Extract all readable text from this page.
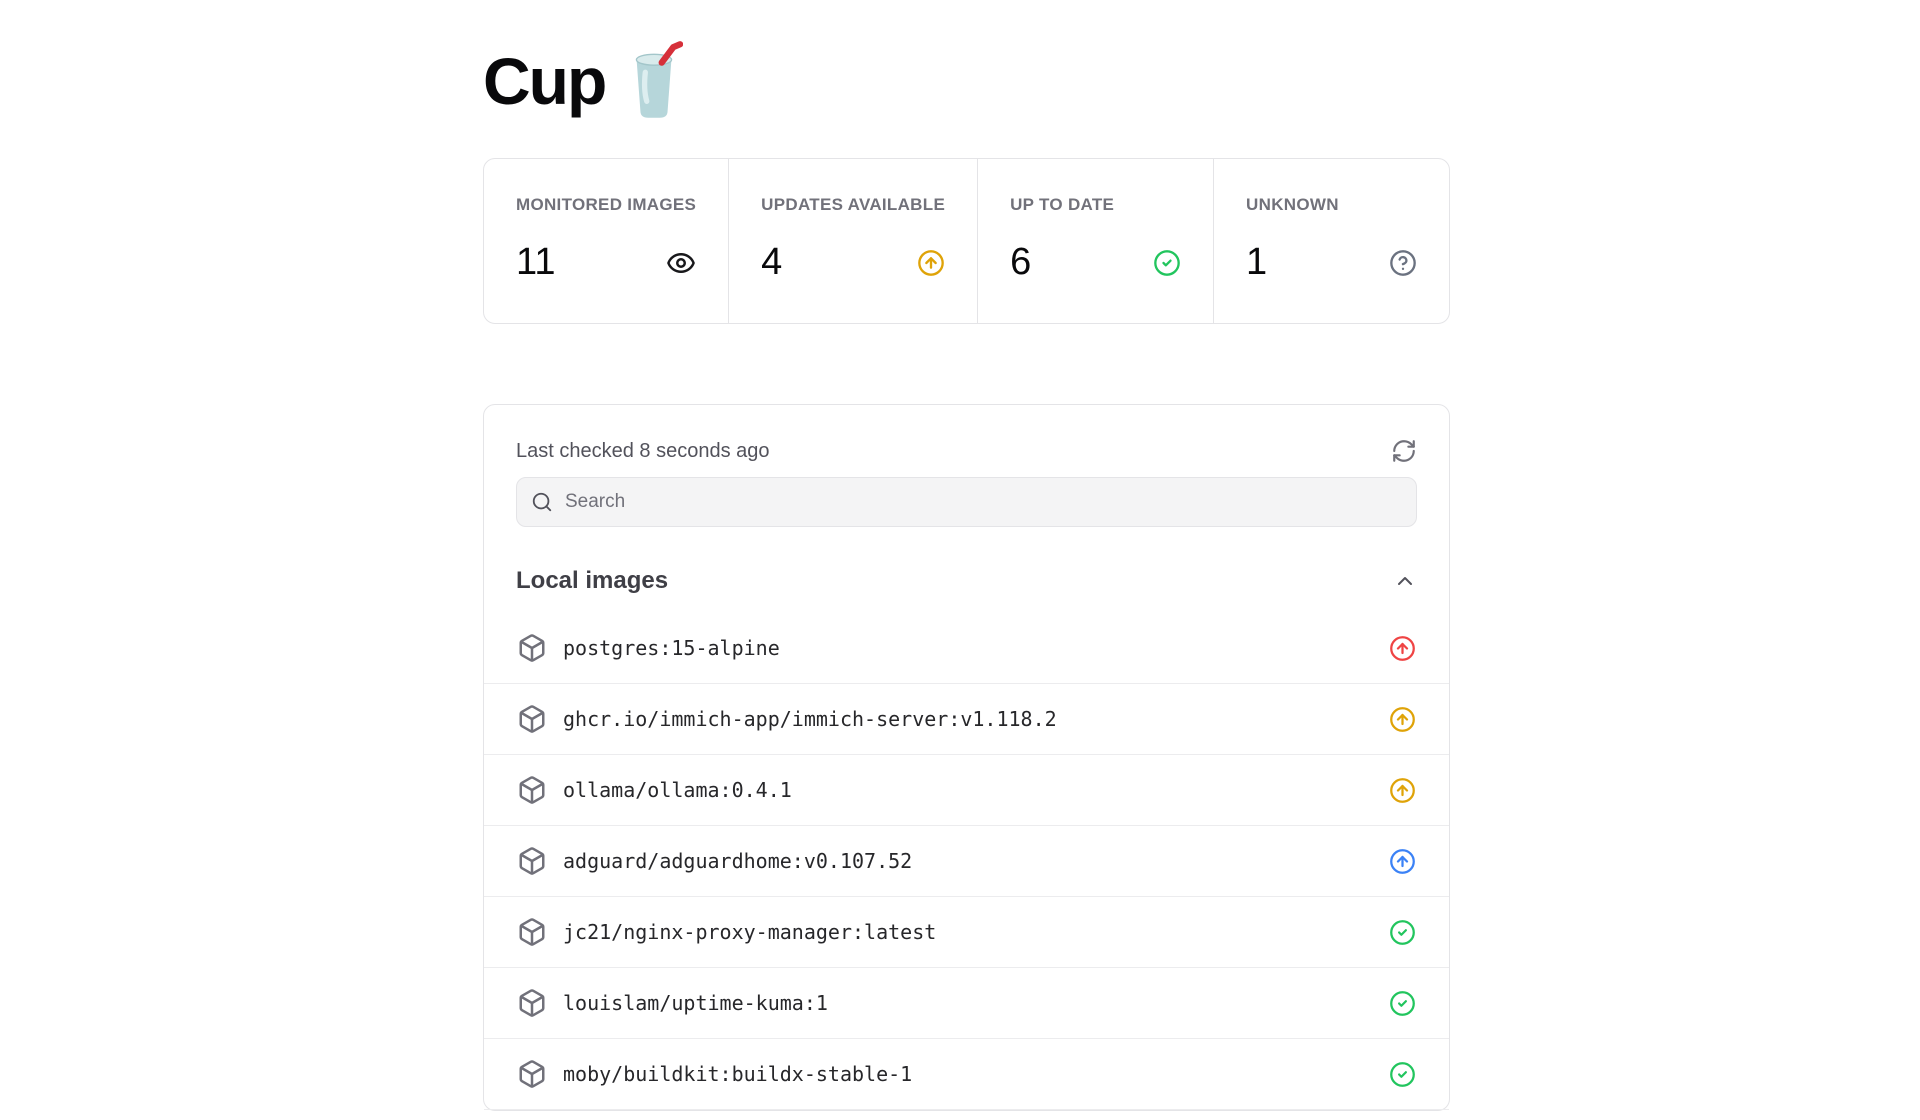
Cup
MONITORED IMAGES
11
UPDATES AVAILABLE
4
UP TO DATE
6
UNKNOWN
1
Last checked 8 seconds ago
Search
Local images
postgres:15-alpine
ghcr.io/immich-app/immich-server:v1.118.2
ollama/ollama:0.4.1
adguard/adguardhome:v0.107.52
jc21/nginx-proxy-manager:latest
louislam/uptime-kuma:1
moby/buildkit:buildx-stable-1
